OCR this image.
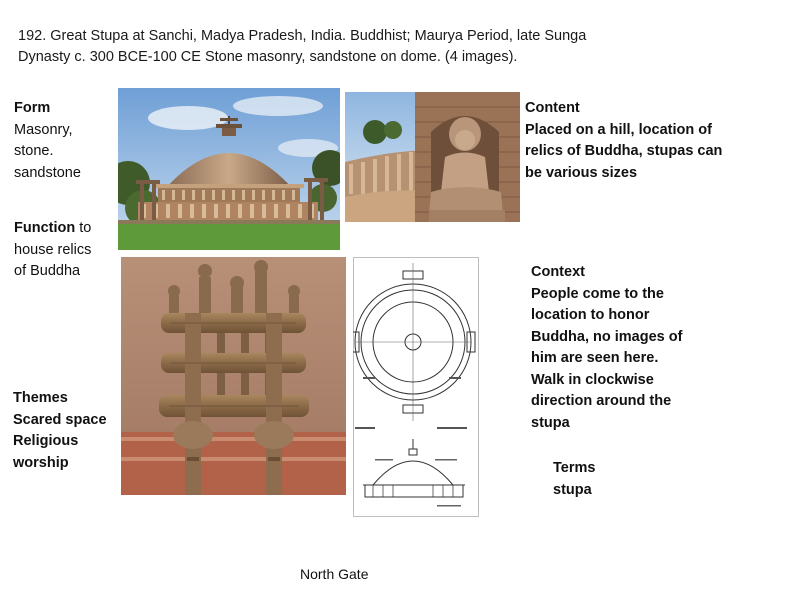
192. Great Stupa at Sanchi, Madya Pradesh, India. Buddhist; Maurya Period, late Sunga
Dynasty c. 300 BCE-100 CE Stone masonry, sandstone on dome. (4 images).
Form
Masonry,
stone.
sandstone
Function to
house relics
of Buddha
Themes
Scared space
Religious
worship
Content
Placed on a hill, location of
relics of Buddha, stupas can
be various sizes
Context
People come to the
location to honor
Buddha, no images of
him are seen here.
Walk in clockwise
direction around the
stupa
Terms
stupa
North Gate
